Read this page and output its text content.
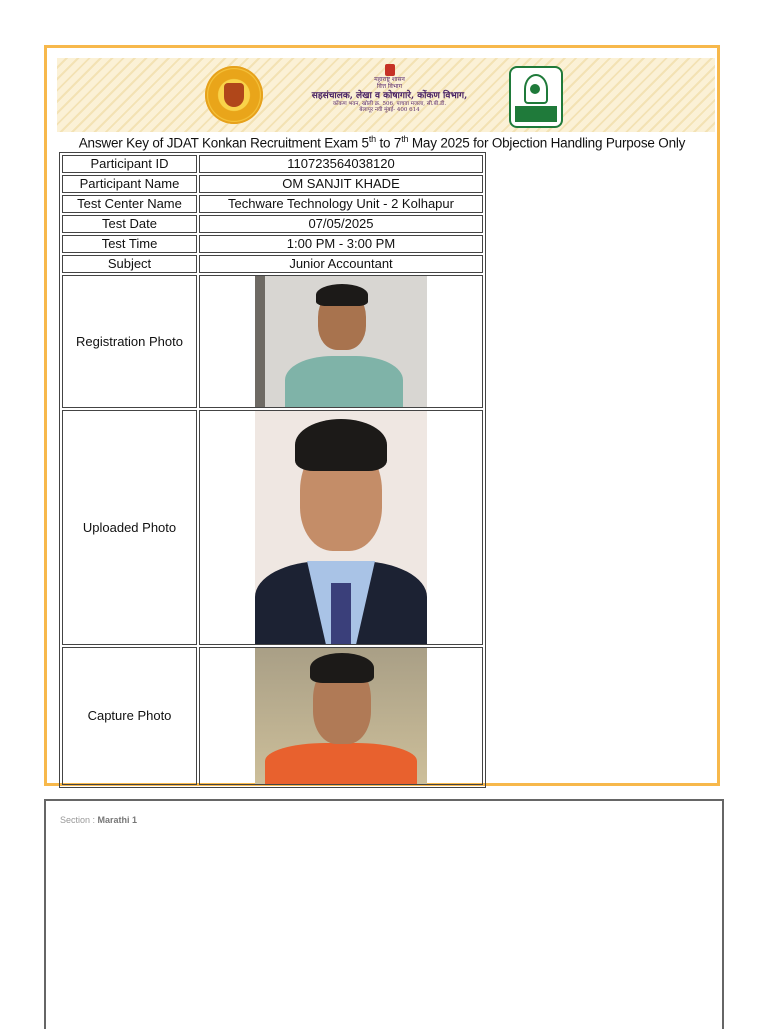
महाराष्ट्र शासन
वित्त विभाग
सहसंचालक, लेखा व कोषागारे, कोंकण विभाग,
कोंकण भवन, खोली क्र. 506, पाचवा मजला, सी.बी.डी.
बेलापूर नवी मुंबई- 400 614
Answer Key of JDAT Konkan Recruitment Exam 5th to 7th May 2025 for Objection Handling Purpose Only
Participant ID	110723564038120
Participant Name	OM SANJIT KHADE
Test Center Name	Techware Technology Unit - 2 Kolhapur
Test Date	07/05/2025
Test Time	1:00 PM - 3:00 PM
Subject	Junior Accountant
Registration Photo	

Uploaded Photo	

Capture Photo	
Section : Marathi 1
